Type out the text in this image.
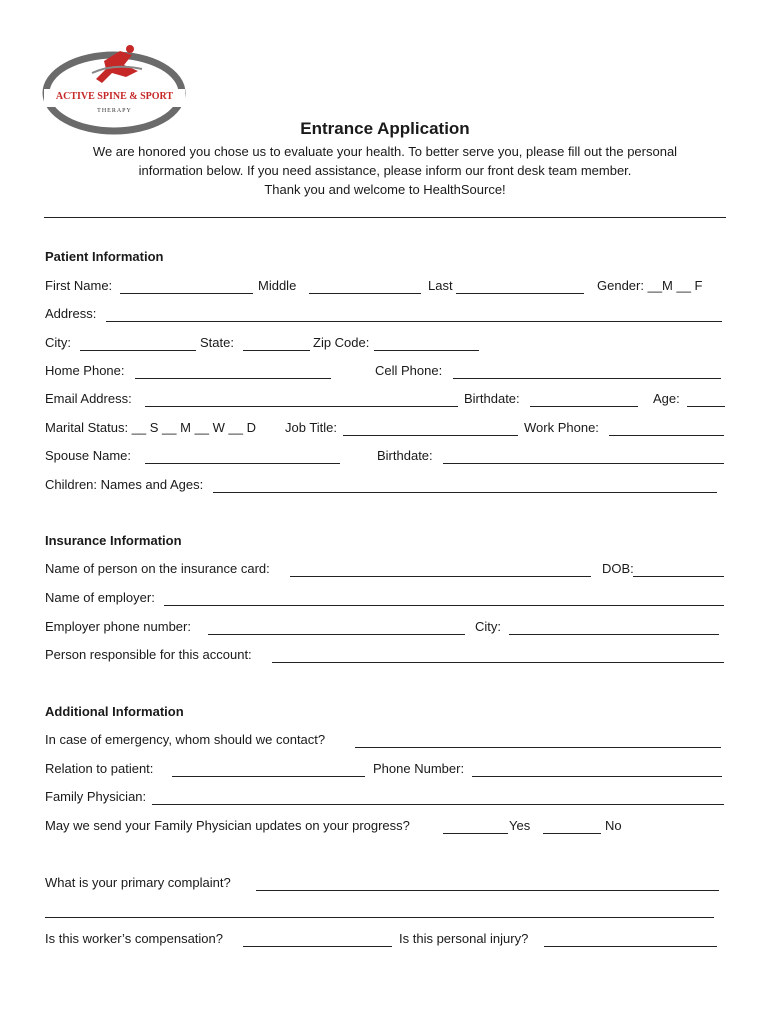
ACTIVE SPINE & SPORT
THERAPY
Entrance Application
We are honored you chose us to evaluate your health. To better serve you, please fill out the personal
information below. If you need assistance, please inform our front desk team member.
Thank you and welcome to HealthSource!
Patient Information
First Name:	Middle	Last	Gender: __M __ F
Address:
City:	State:	Zip Code:
Home Phone:	Cell Phone:
Email Address:	Birthdate:	Age:
Marital Status: __ S __ M __ W __ D Job Title:	Work Phone:
Spouse Name:	Birthdate:
Children: Names and Ages:
Insurance Information
Name of person on the insurance card:	DOB:
Name of employer:
Employer phone number:	City:
Person responsible for this account:
Additional Information
In case of emergency, whom should we contact?
Relation to patient:	Phone Number:
Family Physician:
May we send your Family Physician updates on your progress?	Yes	No
What is your primary complaint?
Is this worker’s compensation?	Is this personal injury?
